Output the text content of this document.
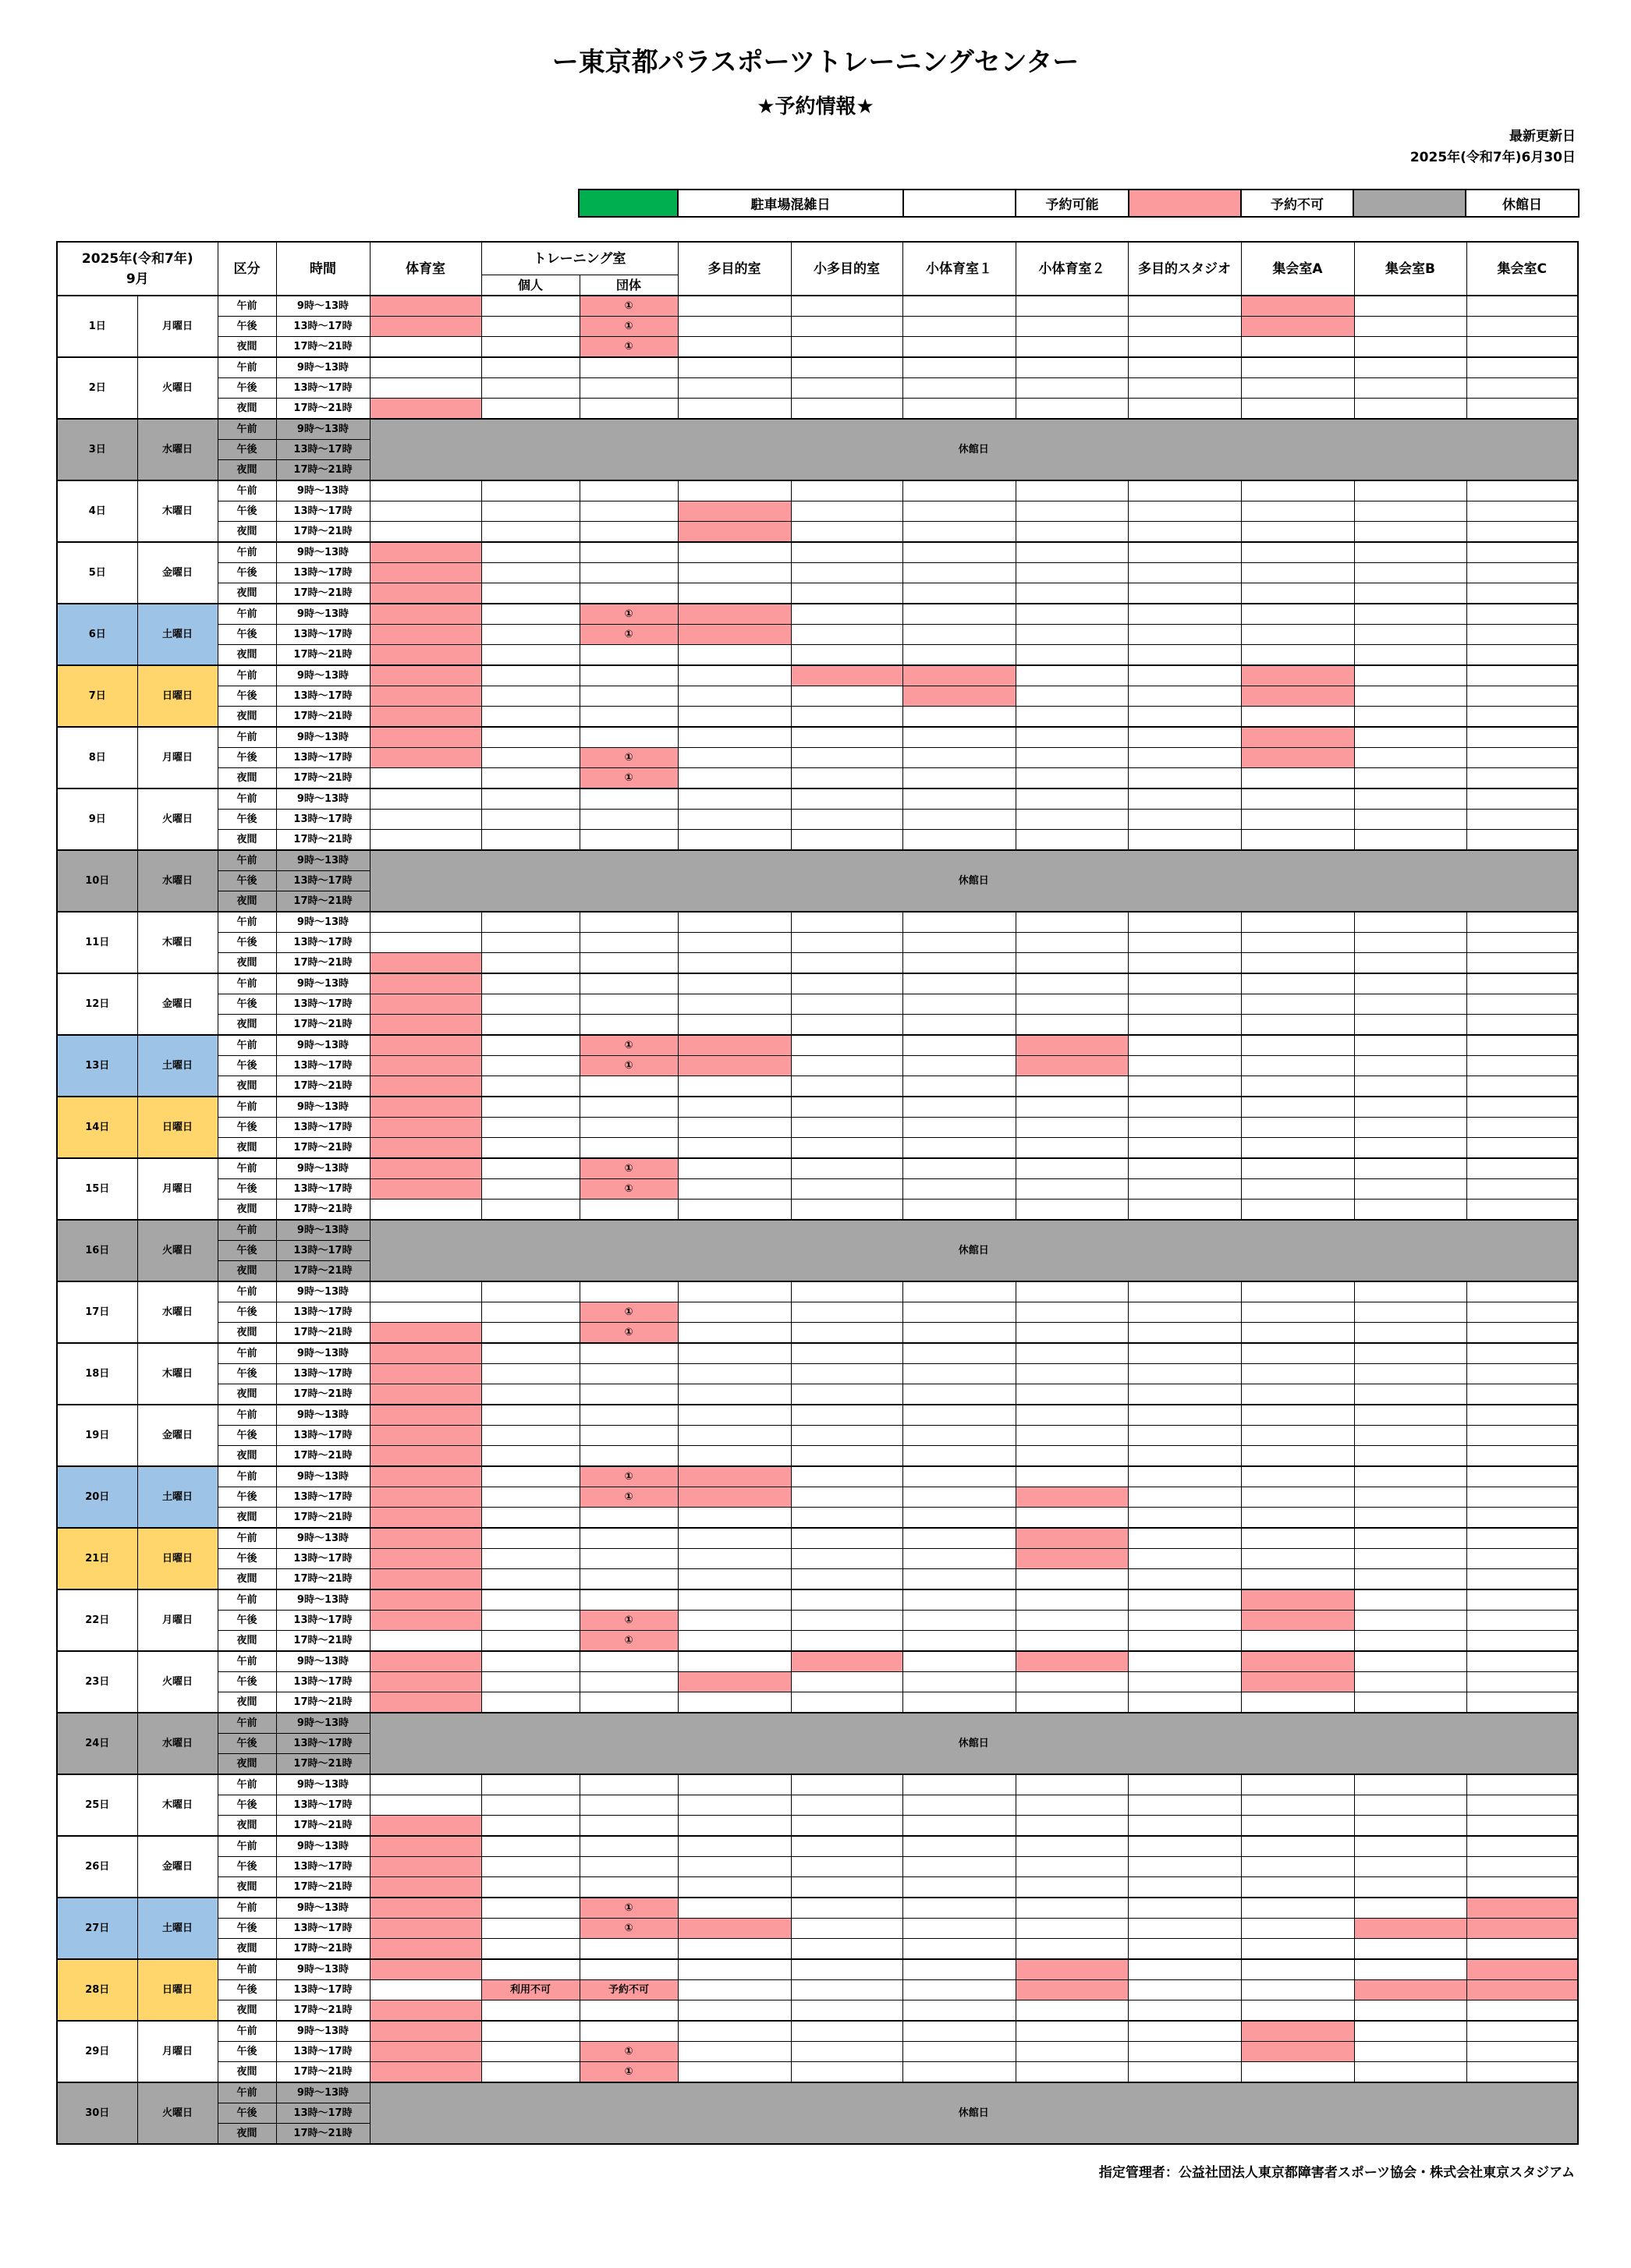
ー東京都パラスポーツトレーニングセンター
★予約情報★
最新更新日
2025年(令和7年)6月30日
	駐車場混雑日		予約可能		予約不可		休館日
2025年(令和7年)
9月		区分	時間	体育室	トレーニング室		多目的室	小多目的室	小体育室１	小体育室２	多目的スタジオ	集会室A	集会室B	集会室C
					個人	団体								
1日	月曜日	午前	9時～13時			①								
		午後	13時～17時			①								
		夜間	17時～21時			①								
2日	火曜日	午前	9時～13時											
		午後	13時～17時											
		夜間	17時～21時											
3日	水曜日	午前	9時～13時	休館日										
		午後	13時～17時											
		夜間	17時～21時											
4日	木曜日	午前	9時～13時											
		午後	13時～17時											
		夜間	17時～21時											
5日	金曜日	午前	9時～13時											
		午後	13時～17時											
		夜間	17時～21時											
6日	土曜日	午前	9時～13時			①								
		午後	13時～17時			①								
		夜間	17時～21時											
7日	日曜日	午前	9時～13時											
		午後	13時～17時											
		夜間	17時～21時											
8日	月曜日	午前	9時～13時											
		午後	13時～17時			①								
		夜間	17時～21時			①								
9日	火曜日	午前	9時～13時											
		午後	13時～17時											
		夜間	17時～21時											
10日	水曜日	午前	9時～13時	休館日										
		午後	13時～17時											
		夜間	17時～21時											
11日	木曜日	午前	9時～13時											
		午後	13時～17時											
		夜間	17時～21時											
12日	金曜日	午前	9時～13時											
		午後	13時～17時											
		夜間	17時～21時											
13日	土曜日	午前	9時～13時			①								
		午後	13時～17時			①								
		夜間	17時～21時											
14日	日曜日	午前	9時～13時											
		午後	13時～17時											
		夜間	17時～21時											
15日	月曜日	午前	9時～13時			①								
		午後	13時～17時			①								
		夜間	17時～21時											
16日	火曜日	午前	9時～13時	休館日										
		午後	13時～17時											
		夜間	17時～21時											
17日	水曜日	午前	9時～13時											
		午後	13時～17時			①								
		夜間	17時～21時			①								
18日	木曜日	午前	9時～13時											
		午後	13時～17時											
		夜間	17時～21時											
19日	金曜日	午前	9時～13時											
		午後	13時～17時											
		夜間	17時～21時											
20日	土曜日	午前	9時～13時			①								
		午後	13時～17時			①								
		夜間	17時～21時											
21日	日曜日	午前	9時～13時											
		午後	13時～17時											
		夜間	17時～21時											
22日	月曜日	午前	9時～13時											
		午後	13時～17時			①								
		夜間	17時～21時			①								
23日	火曜日	午前	9時～13時											
		午後	13時～17時											
		夜間	17時～21時											
24日	水曜日	午前	9時～13時	休館日										
		午後	13時～17時											
		夜間	17時～21時											
25日	木曜日	午前	9時～13時											
		午後	13時～17時											
		夜間	17時～21時											
26日	金曜日	午前	9時～13時											
		午後	13時～17時											
		夜間	17時～21時											
27日	土曜日	午前	9時～13時			①								
		午後	13時～17時			①								
		夜間	17時～21時											
28日	日曜日	午前	9時～13時											
		午後	13時～17時		利用不可	予約不可								
		夜間	17時～21時											
29日	月曜日	午前	9時～13時											
		午後	13時～17時			①								
		夜間	17時～21時			①								
30日	火曜日	午前	9時～13時	休館日										
		午後	13時～17時											
		夜間	17時～21時											
指定管理者：公益社団法人東京都障害者スポーツ協会・株式会社東京スタジアム
